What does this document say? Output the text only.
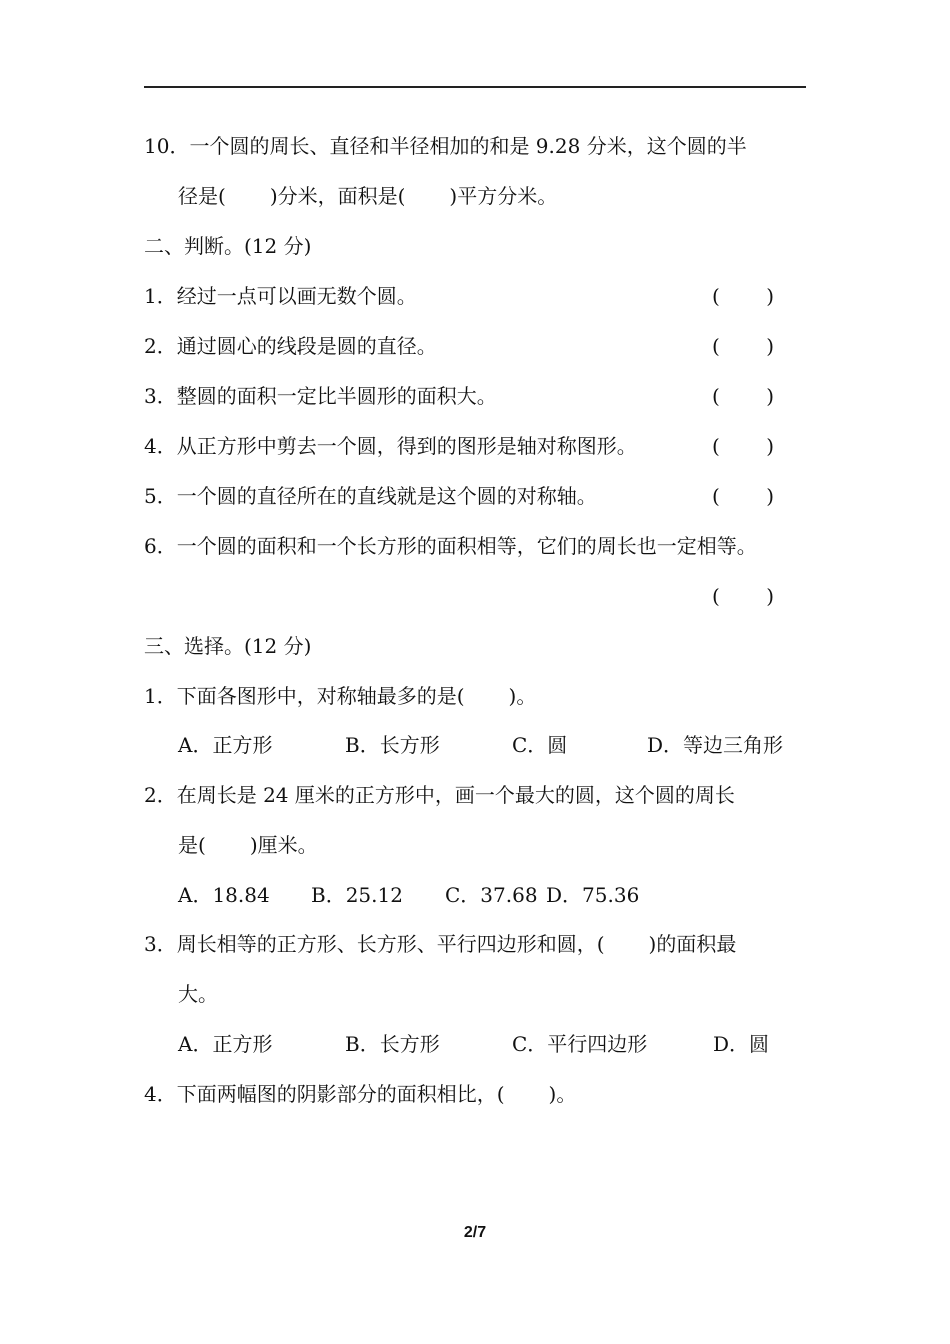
10．一个圆的周长、直径和半径相加的和是 9.28 分米，这个圆的半
径是( )分米，面积是( )平方分米。
二、判断。(12 分)
1．经过一点可以画无数个圆。	( )
2．通过圆心的线段是圆的直径。	( )
3．整圆的面积一定比半圆形的面积大。	( )
4．从正方形中剪去一个圆，得到的图形是轴对称图形。	( )
5．一个圆的直径所在的直线就是这个圆的对称轴。	( )
6．一个圆的面积和一个长方形的面积相等，它们的周长也一定相等。
( )
三、选择。(12 分)
1．下面各图形中，对称轴最多的是( )。
A．正方形	B．长方形	C．圆	D．等边三角形
2．在周长是 24 厘米的正方形中，画一个最大的圆，这个圆的周长
是( )厘米。
A．18.84 B．25.12 C．37.68 D．75.36
3．周长相等的正方形、长方形、平行四边形和圆，( )的面积最
大。
A．正方形	B．长方形	C．平行四边形	D．圆
4．下面两幅图的阴影部分的面积相比，( )。
2/7
